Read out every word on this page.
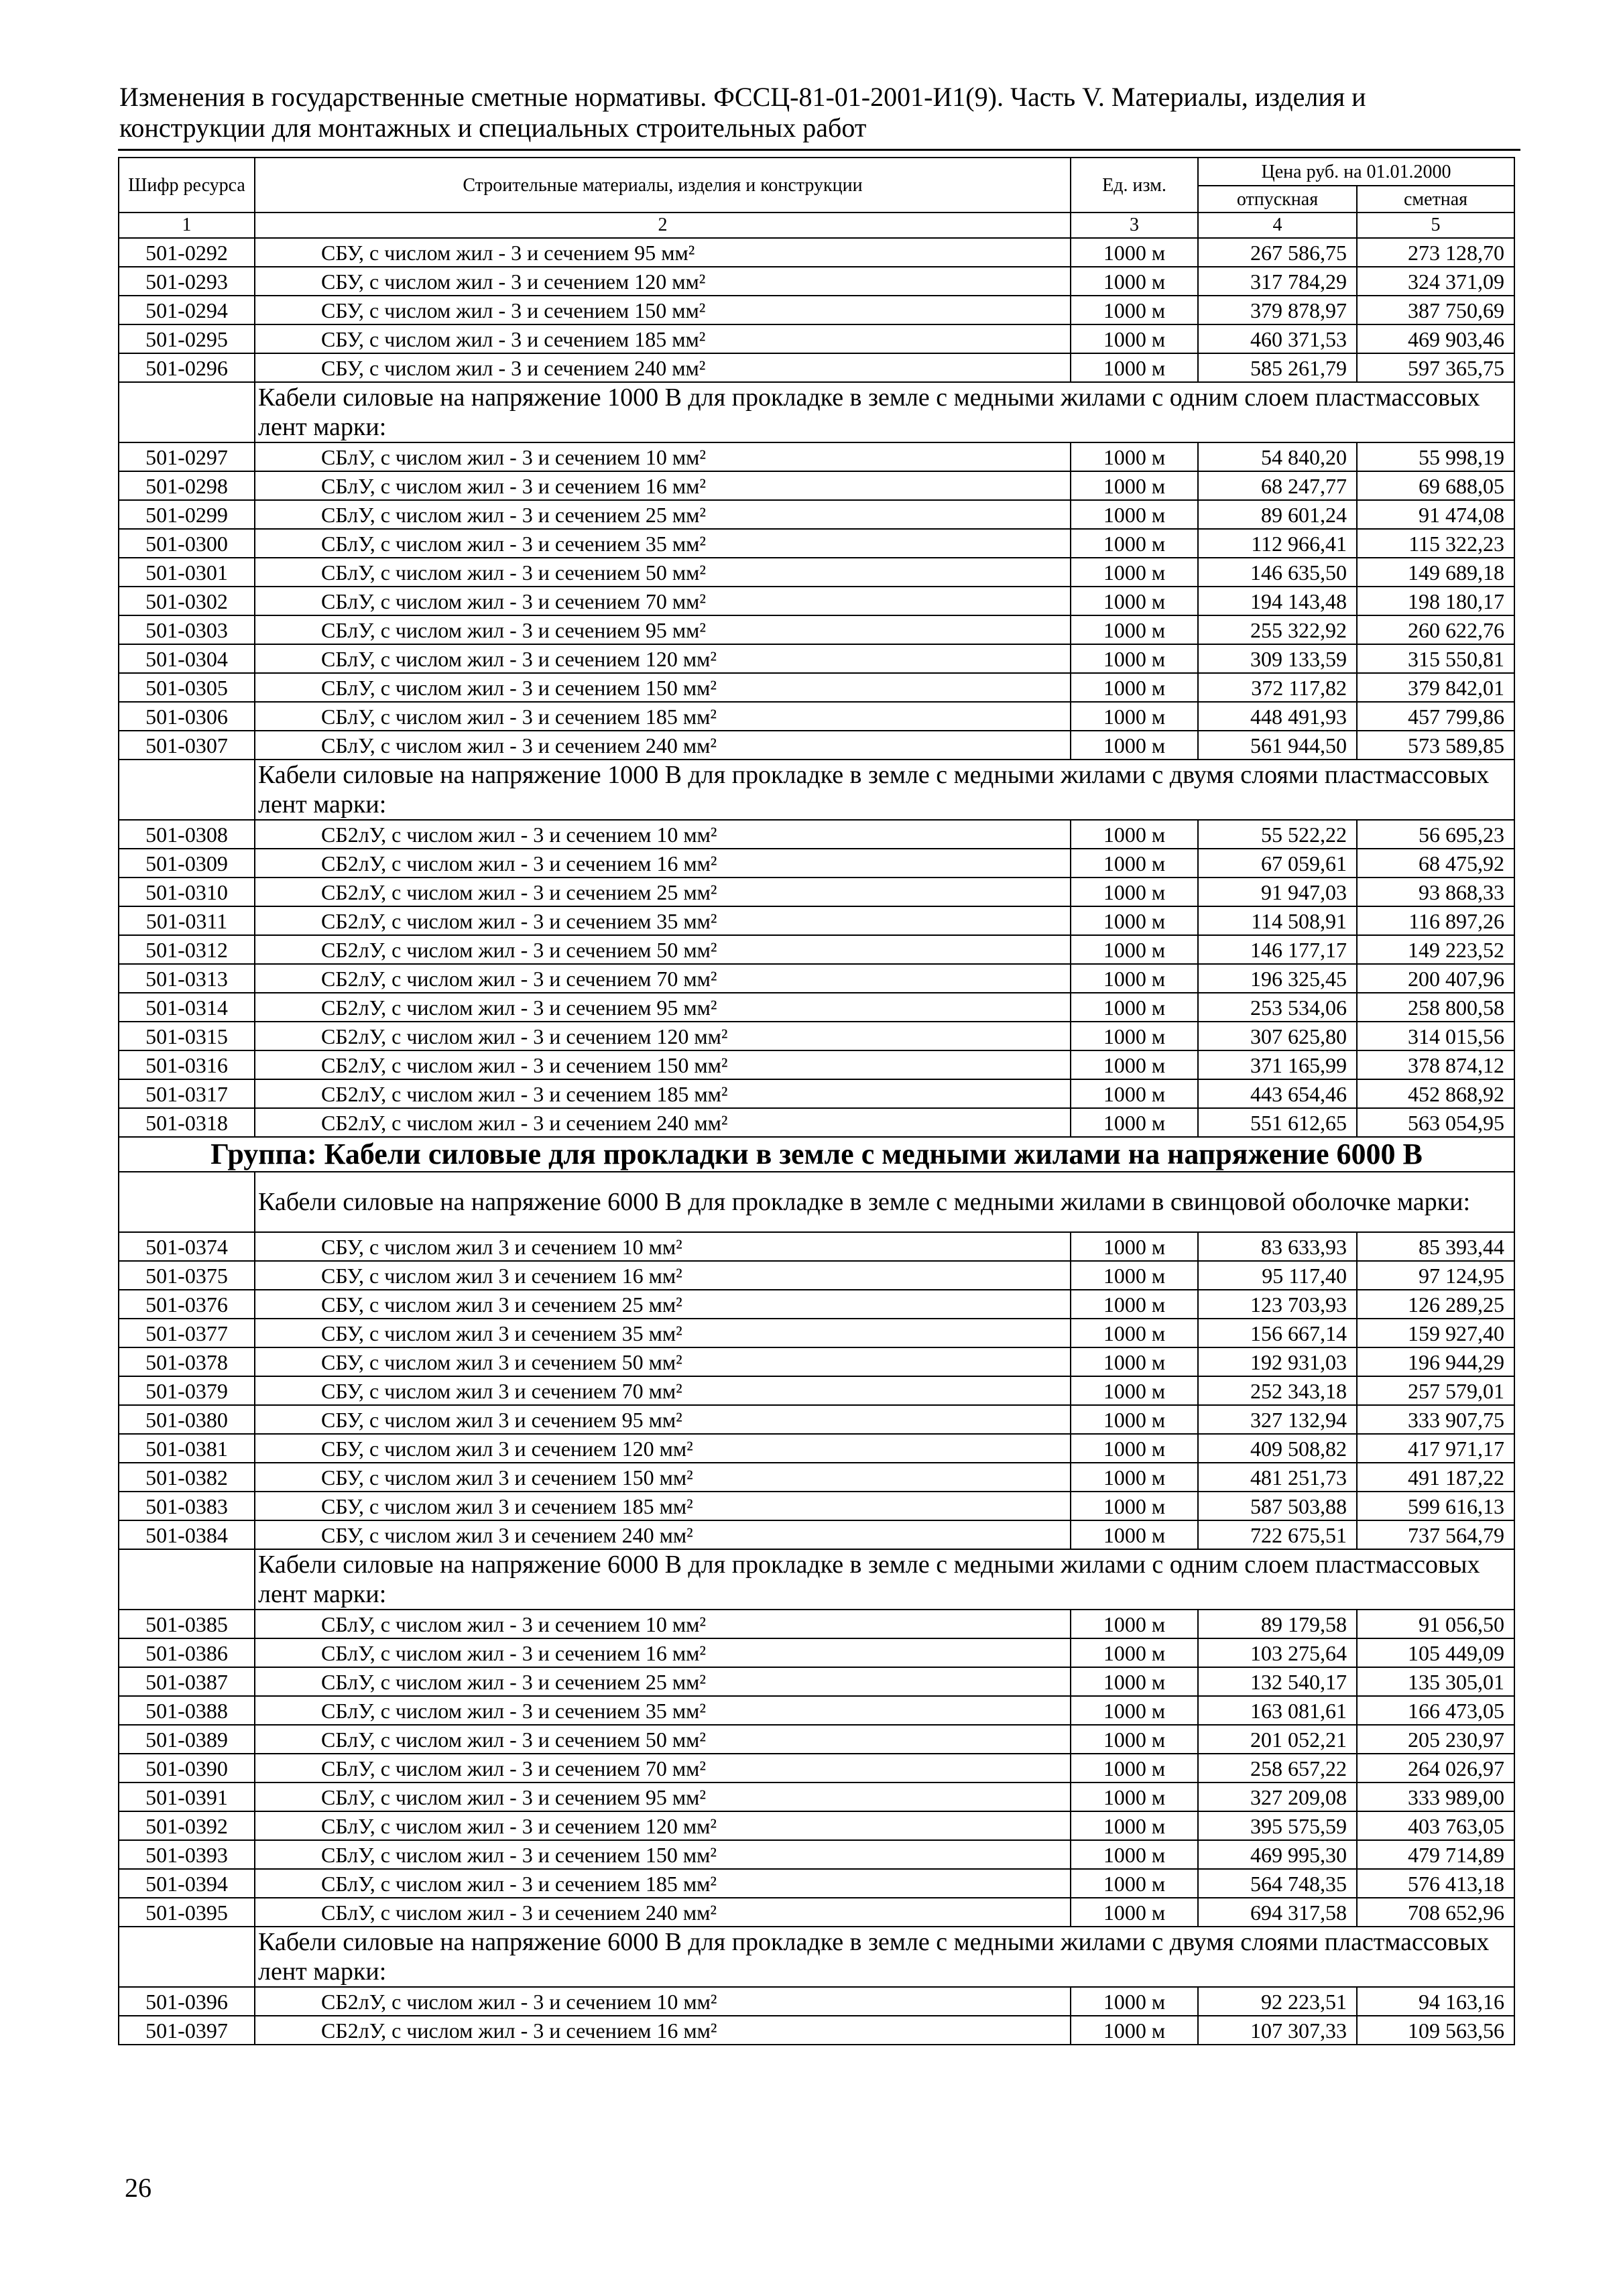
Изменения в государственные сметные нормативы. ФССЦ-81-01-2001-И1(9). Часть V. Материалы, изделия и
конструкции для монтажных и специальных строительных работ
Шифр ресурса	Строительные материалы, изделия и конструкции	Ед. изм.	Цена руб. на 01.01.2000	
			отпускная	сметная
1	2	3	4	5
501-0292	СБУ, с числом жил - 3 и сечением 95 мм²	1000 м	267 586,75	273 128,70
501-0293	СБУ, с числом жил - 3 и сечением 120 мм²	1000 м	317 784,29	324 371,09
501-0294	СБУ, с числом жил - 3 и сечением 150 мм²	1000 м	379 878,97	387 750,69
501-0295	СБУ, с числом жил - 3 и сечением 185 мм²	1000 м	460 371,53	469 903,46
501-0296	СБУ, с числом жил - 3 и сечением 240 мм²	1000 м	585 261,79	597 365,75
	Кабели силовые на напряжение 1000 В для прокладке в земле с медными жилами с одним слоем пластмассовых лент марки:			
501-0297	СБлУ, с числом жил - 3 и сечением 10 мм²	1000 м	54 840,20	55 998,19
501-0298	СБлУ, с числом жил - 3 и сечением 16 мм²	1000 м	68 247,77	69 688,05
501-0299	СБлУ, с числом жил - 3 и сечением 25 мм²	1000 м	89 601,24	91 474,08
501-0300	СБлУ, с числом жил - 3 и сечением 35 мм²	1000 м	112 966,41	115 322,23
501-0301	СБлУ, с числом жил - 3 и сечением 50 мм²	1000 м	146 635,50	149 689,18
501-0302	СБлУ, с числом жил - 3 и сечением 70 мм²	1000 м	194 143,48	198 180,17
501-0303	СБлУ, с числом жил - 3 и сечением 95 мм²	1000 м	255 322,92	260 622,76
501-0304	СБлУ, с числом жил - 3 и сечением 120 мм²	1000 м	309 133,59	315 550,81
501-0305	СБлУ, с числом жил - 3 и сечением 150 мм²	1000 м	372 117,82	379 842,01
501-0306	СБлУ, с числом жил - 3 и сечением 185 мм²	1000 м	448 491,93	457 799,86
501-0307	СБлУ, с числом жил - 3 и сечением 240 мм²	1000 м	561 944,50	573 589,85
	Кабели силовые на напряжение 1000 В для прокладке в земле с медными жилами с двумя слоями пластмассовых лент марки:			
501-0308	СБ2лУ, с числом жил - 3 и сечением 10 мм²	1000 м	55 522,22	56 695,23
501-0309	СБ2лУ, с числом жил - 3 и сечением 16 мм²	1000 м	67 059,61	68 475,92
501-0310	СБ2лУ, с числом жил - 3 и сечением 25 мм²	1000 м	91 947,03	93 868,33
501-0311	СБ2лУ, с числом жил - 3 и сечением 35 мм²	1000 м	114 508,91	116 897,26
501-0312	СБ2лУ, с числом жил - 3 и сечением 50 мм²	1000 м	146 177,17	149 223,52
501-0313	СБ2лУ, с числом жил - 3 и сечением 70 мм²	1000 м	196 325,45	200 407,96
501-0314	СБ2лУ, с числом жил - 3 и сечением 95 мм²	1000 м	253 534,06	258 800,58
501-0315	СБ2лУ, с числом жил - 3 и сечением 120 мм²	1000 м	307 625,80	314 015,56
501-0316	СБ2лУ, с числом жил - 3 и сечением 150 мм²	1000 м	371 165,99	378 874,12
501-0317	СБ2лУ, с числом жил - 3 и сечением 185 мм²	1000 м	443 654,46	452 868,92
501-0318	СБ2лУ, с числом жил - 3 и сечением 240 мм²	1000 м	551 612,65	563 054,95
Группа: Кабели силовые для прокладки в земле с медными жилами на напряжение 6000 В				
	Кабели силовые на напряжение 6000 В для прокладке в земле с медными жилами в свинцовой оболочке марки:			
501-0374	СБУ, с числом жил 3 и сечением 10 мм²	1000 м	83 633,93	85 393,44
501-0375	СБУ, с числом жил 3 и сечением 16 мм²	1000 м	95 117,40	97 124,95
501-0376	СБУ, с числом жил 3 и сечением 25 мм²	1000 м	123 703,93	126 289,25
501-0377	СБУ, с числом жил 3 и сечением 35 мм²	1000 м	156 667,14	159 927,40
501-0378	СБУ, с числом жил 3 и сечением 50 мм²	1000 м	192 931,03	196 944,29
501-0379	СБУ, с числом жил 3 и сечением 70 мм²	1000 м	252 343,18	257 579,01
501-0380	СБУ, с числом жил 3 и сечением 95 мм²	1000 м	327 132,94	333 907,75
501-0381	СБУ, с числом жил 3 и сечением 120 мм²	1000 м	409 508,82	417 971,17
501-0382	СБУ, с числом жил 3 и сечением 150 мм²	1000 м	481 251,73	491 187,22
501-0383	СБУ, с числом жил 3 и сечением 185 мм²	1000 м	587 503,88	599 616,13
501-0384	СБУ, с числом жил 3 и сечением 240 мм²	1000 м	722 675,51	737 564,79
	Кабели силовые на напряжение 6000 В для прокладке в земле с медными жилами с одним слоем пластмассовых лент марки:			
501-0385	СБлУ, с числом жил - 3 и сечением 10 мм²	1000 м	89 179,58	91 056,50
501-0386	СБлУ, с числом жил - 3 и сечением 16 мм²	1000 м	103 275,64	105 449,09
501-0387	СБлУ, с числом жил - 3 и сечением 25 мм²	1000 м	132 540,17	135 305,01
501-0388	СБлУ, с числом жил - 3 и сечением 35 мм²	1000 м	163 081,61	166 473,05
501-0389	СБлУ, с числом жил - 3 и сечением 50 мм²	1000 м	201 052,21	205 230,97
501-0390	СБлУ, с числом жил - 3 и сечением 70 мм²	1000 м	258 657,22	264 026,97
501-0391	СБлУ, с числом жил - 3 и сечением 95 мм²	1000 м	327 209,08	333 989,00
501-0392	СБлУ, с числом жил - 3 и сечением 120 мм²	1000 м	395 575,59	403 763,05
501-0393	СБлУ, с числом жил - 3 и сечением 150 мм²	1000 м	469 995,30	479 714,89
501-0394	СБлУ, с числом жил - 3 и сечением 185 мм²	1000 м	564 748,35	576 413,18
501-0395	СБлУ, с числом жил - 3 и сечением 240 мм²	1000 м	694 317,58	708 652,96
	Кабели силовые на напряжение 6000 В для прокладке в земле с медными жилами с двумя слоями пластмассовых лент марки:			
501-0396	СБ2лУ, с числом жил - 3 и сечением 10 мм²	1000 м	92 223,51	94 163,16
501-0397	СБ2лУ, с числом жил - 3 и сечением 16 мм²	1000 м	107 307,33	109 563,56
26
